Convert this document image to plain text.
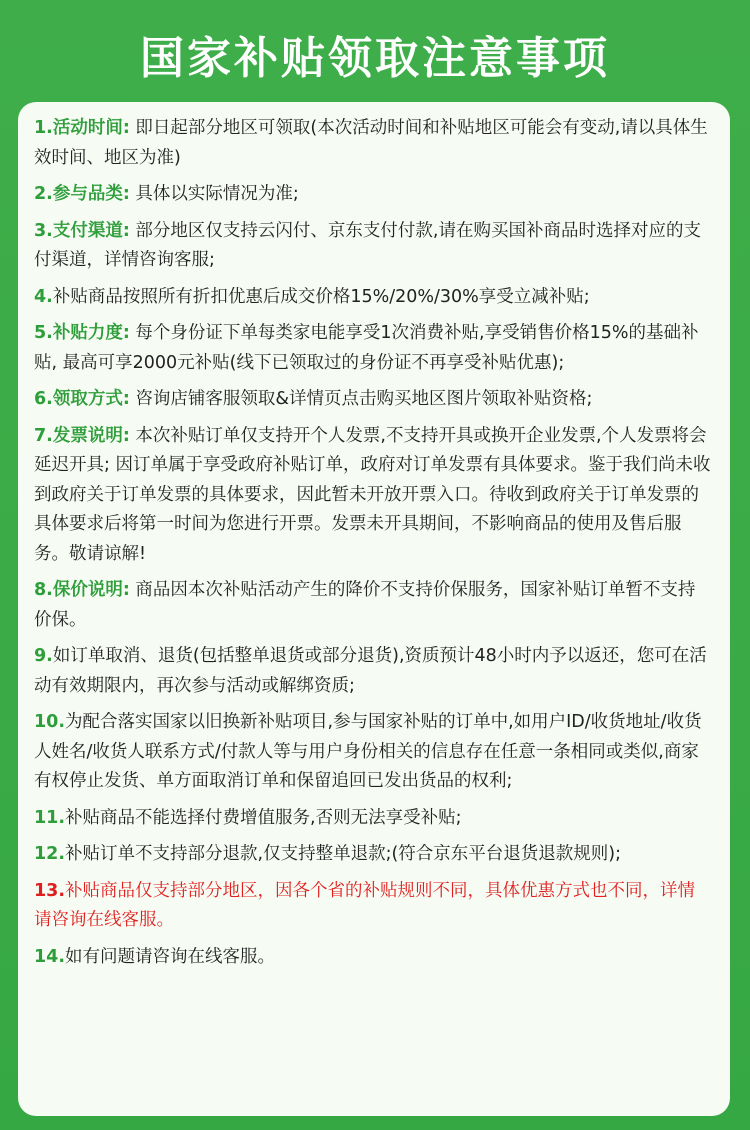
国家补贴领取注意事项

1.活动时间: 即日起部分地区可领取(本次活动时间和补贴地区可能会有变动,请以具体生效时间、地区为准)

2.参与品类: 具体以实际情况为准;

3.支付渠道: 部分地区仅支持云闪付、京东支付付款,请在购买国补商品时选择对应的支付渠道，详情咨询客服;

4.补贴商品按照所有折扣优惠后成交价格15%/20%/30%享受立减补贴;

5.补贴力度: 每个身份证下单每类家电能享受1次消费补贴,享受销售价格15%的基础补贴, 最高可享2000元补贴(线下已领取过的身份证不再享受补贴优惠);

6.领取方式: 咨询店铺客服领取&详情页点击购买地区图片领取补贴资格;

7.发票说明: 本次补贴订单仅支持开个人发票,不支持开具或换开企业发票,个人发票将会延迟开具; 因订单属于享受政府补贴订单，政府对订单发票有具体要求。鉴于我们尚未收到政府关于订单发票的具体要求，因此暂未开放开票入口。待收到政府关于订单发票的具体要求后将第一时间为您进行开票。发票未开具期间，不影响商品的使用及售后服务。敬请谅解!

8.保价说明: 商品因本次补贴活动产生的降价不支持价保服务，国家补贴订单暂不支持价保。

9.如订单取消、退货(包括整单退货或部分退货),资质预计48小时内予以返还，您可在活动有效期限内，再次参与活动或解绑资质;

10.为配合落实国家以旧换新补贴项目,参与国家补贴的订单中,如用户ID/收货地址/收货人姓名/收货人联系方式/付款人等与用户身份相关的信息存在任意一条相同或类似,商家有权停止发货、单方面取消订单和保留追回已发出货品的权利;

11.补贴商品不能选择付费增值服务,否则无法享受补贴;

12.补贴订单不支持部分退款,仅支持整单退款;(符合京东平台退货退款规则);

13.补贴商品仅支持部分地区，因各个省的补贴规则不同，具体优惠方式也不同，详情请咨询在线客服。

14.如有问题请咨询在线客服。
